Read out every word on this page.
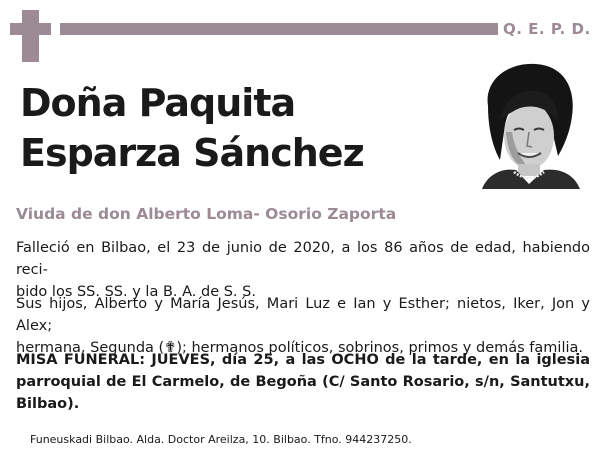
Q. E. P. D.
Doña Paquita
Esparza Sánchez
Viuda de don Alberto Loma- Osorio Zaporta
Falleció en Bilbao, el 23 de junio de 2020, a los 86 años de edad, habiendo reci-
bido los SS. SS. y la B. A. de S. S.
Sus hijos, Alberto y María Jesús, Mari Luz e Ian y Esther; nietos, Iker, Jon y Alex;
hermana, Segunda (✟); hermanos políticos, sobrinos, primos y demás familia.
MISA FUNERAL: JUEVES, día 25, a las OCHO de la tarde, en la iglesia
parroquial de El Carmelo, de Begoña (C/ Santo Rosario, s/n, Santutxu,
Bilbao).
Funeuskadi Bilbao. Alda. Doctor Areilza, 10. Bilbao. Tfno. 944237250.
